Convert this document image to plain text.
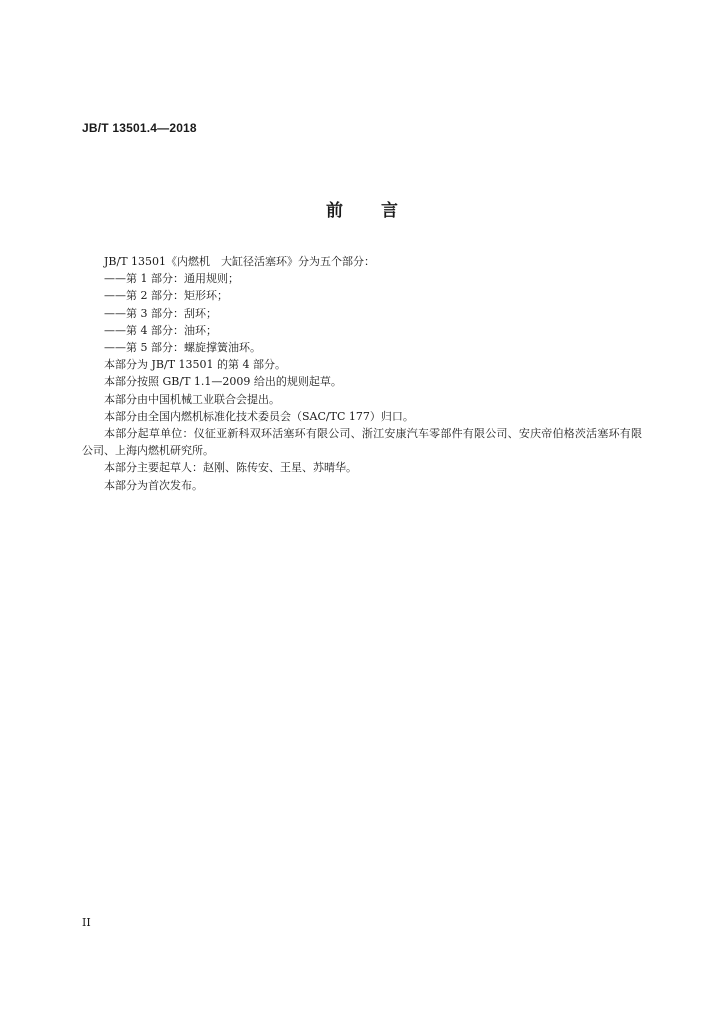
JB/T 13501.4—2018
前言

JB/T 13501《内燃机　大缸径活塞环》分为五个部分：

——第 1 部分：通用规则；

——第 2 部分：矩形环；

——第 3 部分：刮环；

——第 4 部分：油环；

——第 5 部分：螺旋撑簧油环。

本部分为 JB/T 13501 的第 4 部分。

本部分按照 GB/T 1.1—2009 给出的规则起草。

本部分由中国机械工业联合会提出。

本部分由全国内燃机标准化技术委员会（SAC/TC 177）归口。

本部分起草单位：仪征亚新科双环活塞环有限公司、浙江安康汽车零部件有限公司、安庆帝伯格茨活塞环有限公司、上海内燃机研究所。

本部分主要起草人：赵刚、陈传安、王星、苏晴华。

本部分为首次发布。

II
